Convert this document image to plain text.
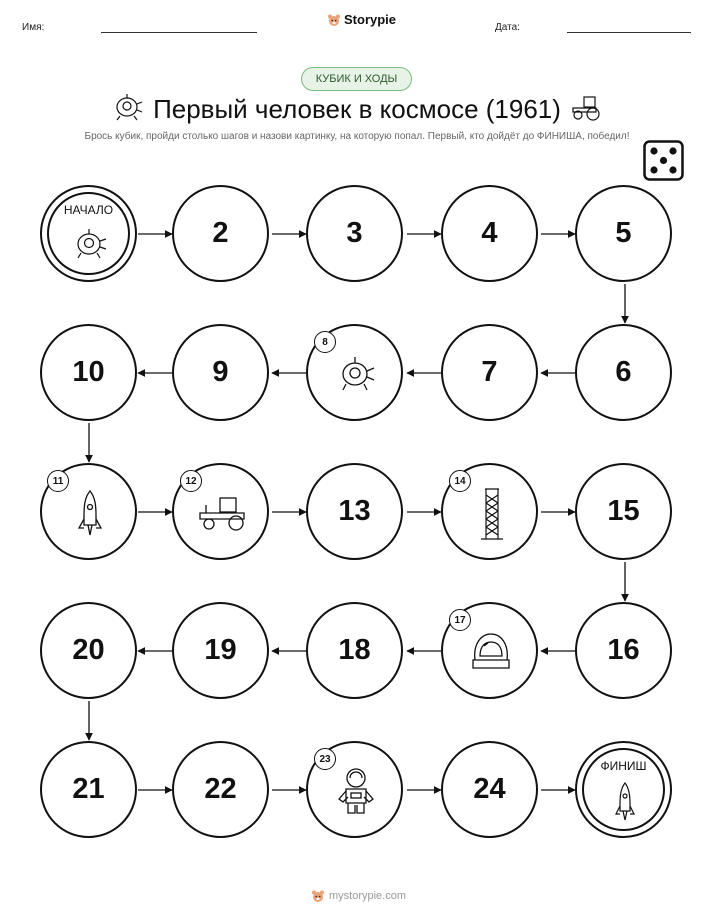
Имя:
Storypie
Дата:
КУБИК И ХОДЫ
Первый человек в космосе (1961)
Брось кубик, пройди столько шагов и назови картинку, на которую попал. Первый, кто дойдёт до ФИНИША, победил!
НАЧАЛО
2	3	4	5
10	9
8
7	6
11	12
13
14
15
20	19	18
17
16
21	22
23
24
ФИНИШ
mystorypie.com
